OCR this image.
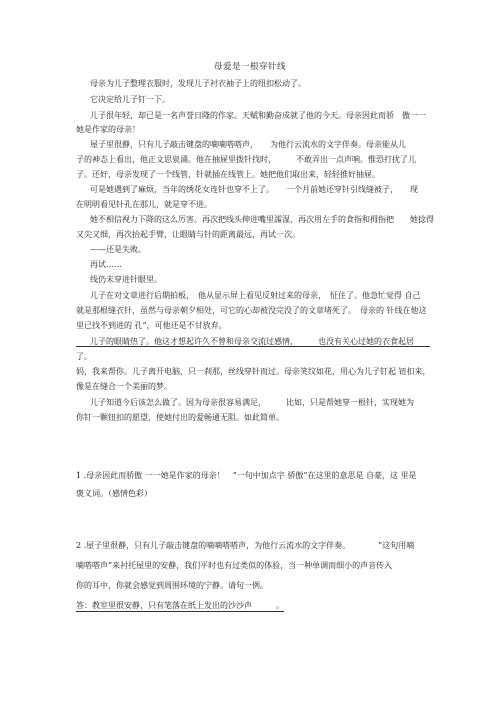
母爱是一根穿针线
母亲为儿子整理衣服时，发现儿子衬衣袖子上的纽扣松动了。
它决定给儿子钉一下。
儿子很年轻，却已是一名声誉日隆的作家。天赋和勤奋成就了他的今天。母亲因此而骄　傲一一
她是作家的母亲！
屋子里很静，只有儿子敲击键盘的嘀嘀嗒嗒声，　　为他行云流水的文字伴奏。母亲能从儿
子的神态上看出，他正文思泉涌。他在抽屉里拨针找时，　　　不敢弄出一点声响。惟恐打扰了儿
子。还好，母亲发现了一个线管，针就插在线管上。她把他们取出来，轻轻推好抽屉。
可是她遇到了麻烦，当年的绣花女连针也穿不上了。　　一个月前她还穿针引线缝被子，　　现
在明明看见针孔在那儿，就是穿不进。
她不相信视力下降的这么厉害。再次把线头伸进嘴里濡湿，再次用左手的食指和拇指把　　她捻得
又尖又细，再次抬起手臂，让眼睛与针的距离最远，再试一次。
——还是失败。
再试……
线仍未穿进针眼里。
儿子在对文章进行后期拍板，　他从显示屏上看见反射过来的母亲，　怔住了。他急忙觉得 自己
就是那根缝衣针，虽然与母亲朝夕相处，可它的心却被没完没了的文章堵死了。　母亲的 针线在他这
里已找不到进的 孔”，可他还是不甘放弃。
儿子的眼睛热了。他这才想起许久不曾和母亲交流过感情，　　　也没有关心过她的衣食起居
了。
妈，我来帮你。儿子离开电脑，只一刹那，丝线穿针而过。母亲笑纹如花，用心为儿子钉起 钮扣来，
像是在缝合一个美丽的梦。
儿子知道今后该怎么做了。因为母亲很容易满足，　　　比如，只是帮她穿一根针，实现她为
你钉一颗钮扣的愿望，使她付出的爱畅通无阻。如此简单。
1 .母亲因此而骄傲 一一她是作家的母亲！　”一句中加点字 骄傲”在这里的意思是 自豪，这 里是
褒义词。（感情色彩）
2 .屋子里很静，只有儿子敲击键盘的嘀嘀嗒嗒声，为他行云流水的文字伴奏。　　　　”这句用嘀
嘀嗒嗒声”来衬托屋里的安静，我们平时也有过类似的体验，当一种单调而细小的声音传入
你的耳中，你就会感觉到周围环境的宁静。请句一例。
答：教室里很安静，只有笔落在纸上发出的沙沙声　　　。
